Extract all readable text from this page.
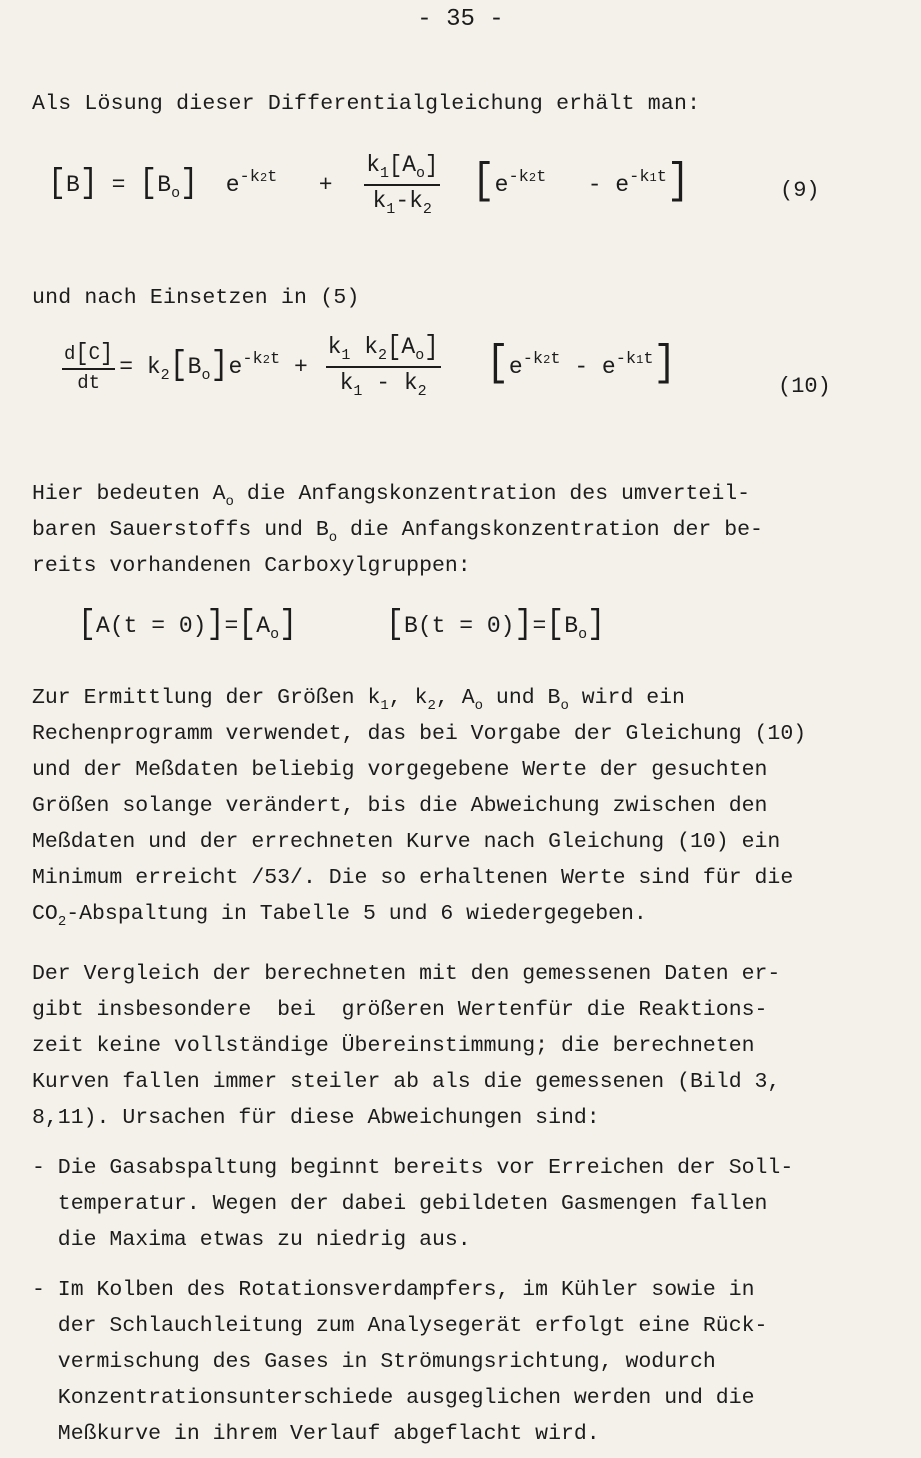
- 35 -
Als Lösung dieser Differentialgleichung erhält man:
$[B] = [B_o] e^{-k2t} + \frac{k_1[A_o]}{k_1-k_2} [e^{-k2t} - e^{-k1t}]$	(9)
und nach Einsetzen in (5)
$\frac{d[C]}{dt} = k_2[B_o]e^{-k2t} + \frac{k_1 k_2[A_o]}{k_1 - k_2} [e^{-k2t} - e^{-k1t}]$	(10)
Hier bedeuten $A_o$ die Anfangskonzentration des umverteil-
baren Sauerstoffs und $B_o$ die Anfangskonzentration der be-
reits vorhandenen Carboxylgruppen:
$[A(t = 0)]=[A_o]$	$[B(t = 0)]=[B_o]$
Zur Ermittlung der Größen $k_1$, $k_2$, $A_o$ und $B_o$ wird ein
Rechenprogramm verwendet, das bei Vorgabe der Gleichung (10)
und der Meßdaten beliebig vorgegebene Werte der gesuchten
Größen solange verändert, bis die Abweichung zwischen den
Meßdaten und der errechneten Kurve nach Gleichung (10) ein
Minimum erreicht /53/. Die so erhaltenen Werte sind für die
$CO_2$-Abspaltung in Tabelle 5 und 6 wiedergegeben.
Der Vergleich der berechneten mit den gemessenen Daten er-
gibt insbesondere  bei  größeren Wertenfür die Reaktions-
zeit keine vollständige Übereinstimmung; die berechneten
Kurven fallen immer steiler ab als die gemessenen (Bild 3,
8,11). Ursachen für diese Abweichungen sind:
- Die Gasabspaltung beginnt bereits vor Erreichen der Soll-
temperatur. Wegen der dabei gebildeten Gasmengen fallen
die Maxima etwas zu niedrig aus.
- Im Kolben des Rotationsverdampfers, im Kühler sowie in
der Schlauchleitung zum Analysegerät erfolgt eine Rück-
vermischung des Gases in Strömungsrichtung, wodurch
Konzentrationsunterschiede ausgeglichen werden und die
Meßkurve in ihrem Verlauf abgeflacht wird.
